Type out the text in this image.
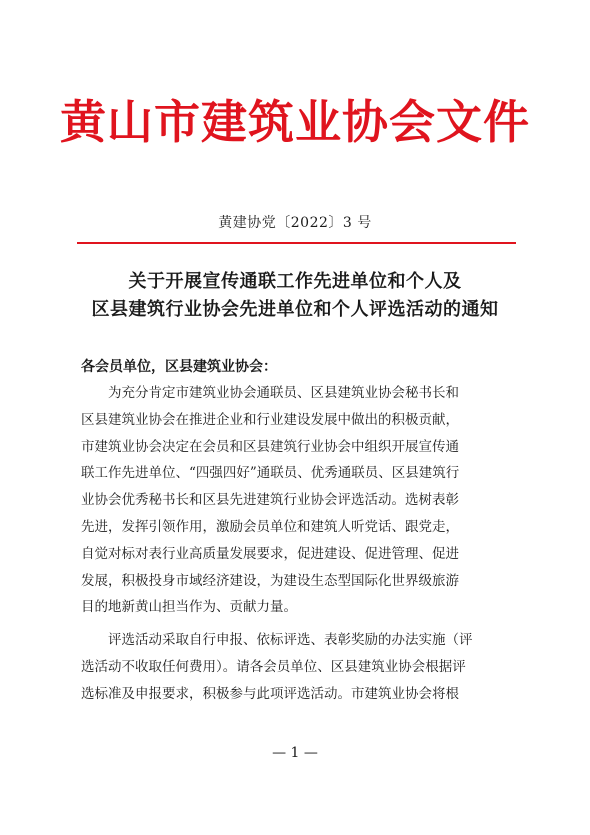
黄山市建筑业协会文件
黄建协党〔2022〕3 号
关于开展宣传通联工作先进单位和个人及
区县建筑行业协会先进单位和个人评选活动的通知
各会员单位，区县建筑业协会：
为充分肯定市建筑业协会通联员、区县建筑业协会秘书长和
区县建筑业协会在推进企业和行业建设发展中做出的积极贡献，
市建筑业协会决定在会员和区县建筑行业协会中组织开展宣传通
联工作先进单位、“四强四好”通联员、优秀通联员、区县建筑行
业协会优秀秘书长和区县先进建筑行业协会评选活动。选树表彰
先进，发挥引领作用，激励会员单位和建筑人听党话、跟党走，
自觉对标对表行业高质量发展要求，促进建设、促进管理、促进
发展，积极投身市域经济建设，为建设生态型国际化世界级旅游
目的地新黄山担当作为、贡献力量。
评选活动采取自行申报、依标评选、表彰奖励的办法实施（评
选活动不收取任何费用）。请各会员单位、区县建筑业协会根据评
选标准及申报要求，积极参与此项评选活动。市建筑业协会将根
— 1 —
